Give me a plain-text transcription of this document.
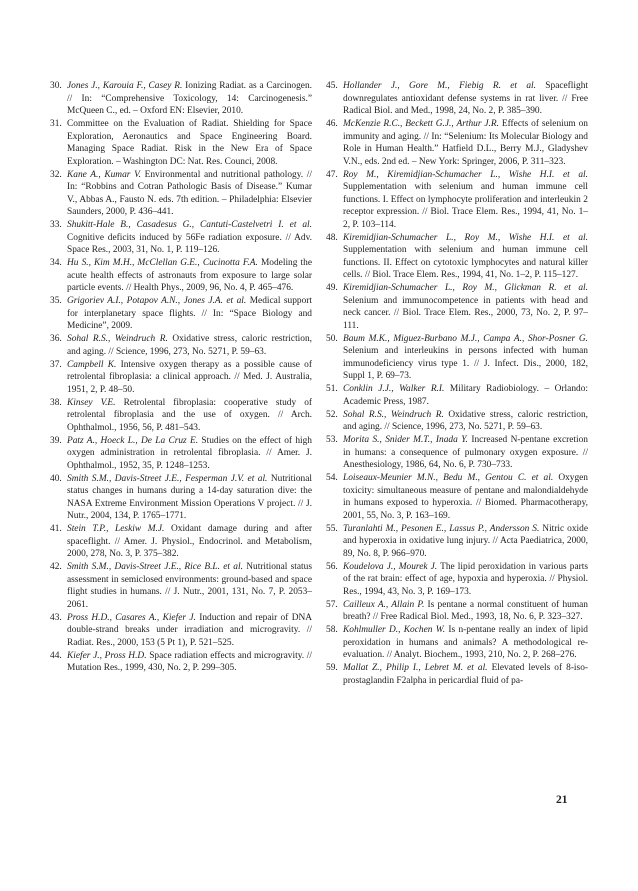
30. Jones J., Karouia F., Casey R. Ionizing Radiat. as a Carcinogen. // In: “Comprehensive Toxicology, 14: Carcinogenesis.” McQueen C., ed. – Oxford EN: Elsevier, 2010.
31. Committee on the Evaluation of Radiat. Shielding for Space Exploration, Aeronautics and Space Engineering Board. Managing Space Radiat. Risk in the New Era of Space Exploration. – Washington DC: Nat. Res. Counci, 2008.
32. Kane A., Kumar V. Environmental and nutritional pathology. // In: “Robbins and Cotran Pathologic Basis of Disease.” Kumar V., Abbas A., Fausto N. eds. 7th edition. – Philadelphia: Elsevier Saunders, 2000, P. 436–441.
33. Shukitt-Hale B., Casadesus G., Cantuti-Castelvetri I. et al. Cognitive deficits induced by 56Fe radiation exposure. // Adv. Space Res., 2003, 31, No. 1, P. 119–126.
34. Hu S., Kim M.H., McClellan G.E., Cucinotta F.A. Modeling the acute health effects of astronauts from exposure to large solar particle events. // Health Phys., 2009, 96, No. 4, P. 465–476.
35. Grigoriev A.I., Potapov A.N., Jones J.A. et al. Medical support for interplanetary space flights. // In: “Space Biology and Medicine”, 2009.
36. Sohal R.S., Weindruch R. Oxidative stress, caloric restriction, and aging. // Science, 1996, 273, No. 5271, P. 59–63.
37. Campbell K. Intensive oxygen therapy as a possible cause of retrolental fibroplasia: a clinical approach. // Med. J. Australia, 1951, 2, P. 48–50.
38. Kinsey V.E. Retrolental fibroplasia: cooperative study of retrolental fibroplasia and the use of oxygen. // Arch. Ophthalmol., 1956, 56, P. 481–543.
39. Patz A., Hoeck L., De La Cruz E. Studies on the effect of high oxygen administration in retrolental fibroplasia. // Amer. J. Ophthalmol., 1952, 35, P. 1248–1253.
40. Smith S.M., Davis-Street J.E., Fesperman J.V. et al. Nutritional status changes in humans during a 14-day saturation dive: the NASA Extreme Environment Mission Operations V project. // J. Nutr., 2004, 134, P. 1765–1771.
41. Stein T.P., Leskiw M.J. Oxidant damage during and after spaceflight. // Amer. J. Physiol., Endocrinol. and Metabolism, 2000, 278, No. 3, P. 375–382.
42. Smith S.M., Davis-Street J.E., Rice B.L. et al. Nutritional status assessment in semiclosed environments: ground-based and space flight studies in humans. // J. Nutr., 2001, 131, No. 7, P. 2053–2061.
43. Pross H.D., Casares A., Kiefer J. Induction and repair of DNA double-strand breaks under irradiation and microgravity. // Radiat. Res., 2000, 153 (5 Pt 1), P. 521–525.
44. Kiefer J., Pross H.D. Space radiation effects and microgravity. // Mutation Res., 1999, 430, No. 2, P. 299–305.
45. Hollander J., Gore M., Fiebig R. et al. Spaceflight downregulates antioxidant defense systems in rat liver. // Free Radical Biol. and Med., 1998, 24, No. 2, P. 385–390.
46. McKenzie R.C., Beckett G.J., Arthur J.R. Effects of selenium on immunity and aging. // In: “Selenium: Its Molecular Biology and Role in Human Health.” Hatfield D.L., Berry M.J., Gladyshev V.N., eds. 2nd ed. – New York: Springer, 2006, P. 311–323.
47. Roy M., Kiremidjian-Schumacher L., Wishe H.I. et al. Supplementation with selenium and human immune cell functions. I. Effect on lymphocyte proliferation and interleukin 2 receptor expression. // Biol. Trace Elem. Res., 1994, 41, No. 1–2, P. 103–114.
48. Kiremidjian-Schumacher L., Roy M., Wishe H.I. et al. Supplementation with selenium and human immune cell functions. II. Effect on cytotoxic lymphocytes and natural killer cells. // Biol. Trace Elem. Res., 1994, 41, No. 1–2, P. 115–127.
49. Kiremidjian-Schumacher L., Roy M., Glickman R. et al. Selenium and immunocompetence in patients with head and neck cancer. // Biol. Trace Elem. Res., 2000, 73, No. 2, P. 97–111.
50. Baum M.K., Miguez-Burbano M.J., Campa A., Shor-Posner G. Selenium and interleukins in persons infected with human immunodeficiency virus type 1. // J. Infect. Dis., 2000, 182, Suppl 1, P. 69–73.
51. Conklin J.J., Walker R.I. Military Radiobiology. – Orlando: Academic Press, 1987.
52. Sohal R.S., Weindruch R. Oxidative stress, caloric restriction, and aging. // Science, 1996, 273, No. 5271, P. 59–63.
53. Morita S., Snider M.T., Inada Y. Increased N-pentane excretion in humans: a consequence of pulmonary oxygen exposure. // Anesthesiology, 1986, 64, No. 6, P. 730–733.
54. Loiseaux-Meunier M.N., Bedu M., Gentou C. et al. Oxygen toxicity: simultaneous measure of pentane and malondialdehyde in humans exposed to hyperoxia. // Biomed. Pharmacotherapy, 2001, 55, No. 3, P. 163–169.
55. Turanlahti M., Pesonen E., Lassus P., Andersson S. Nitric oxide and hyperoxia in oxidative lung injury. // Acta Paediatrica, 2000, 89, No. 8, P. 966–970.
56. Koudelova J., Mourek J. The lipid peroxidation in various parts of the rat brain: effect of age, hypoxia and hyperoxia. // Physiol. Res., 1994, 43, No. 3, P. 169–173.
57. Cailleux A., Allain P. Is pentane a normal constituent of human breath? // Free Radical Biol. Med., 1993, 18, No. 6, P. 323–327.
58. Kohlmuller D., Kochen W. Is n-pentane really an index of lipid peroxidation in humans and animals? A methodological re-evaluation. // Analyt. Biochem., 1993, 210, No. 2, P. 268–276.
59. Mallat Z., Philip I., Lebret M. et al. Elevated levels of 8-iso-prostaglandin F2alpha in pericardial fluid of pa-
21
